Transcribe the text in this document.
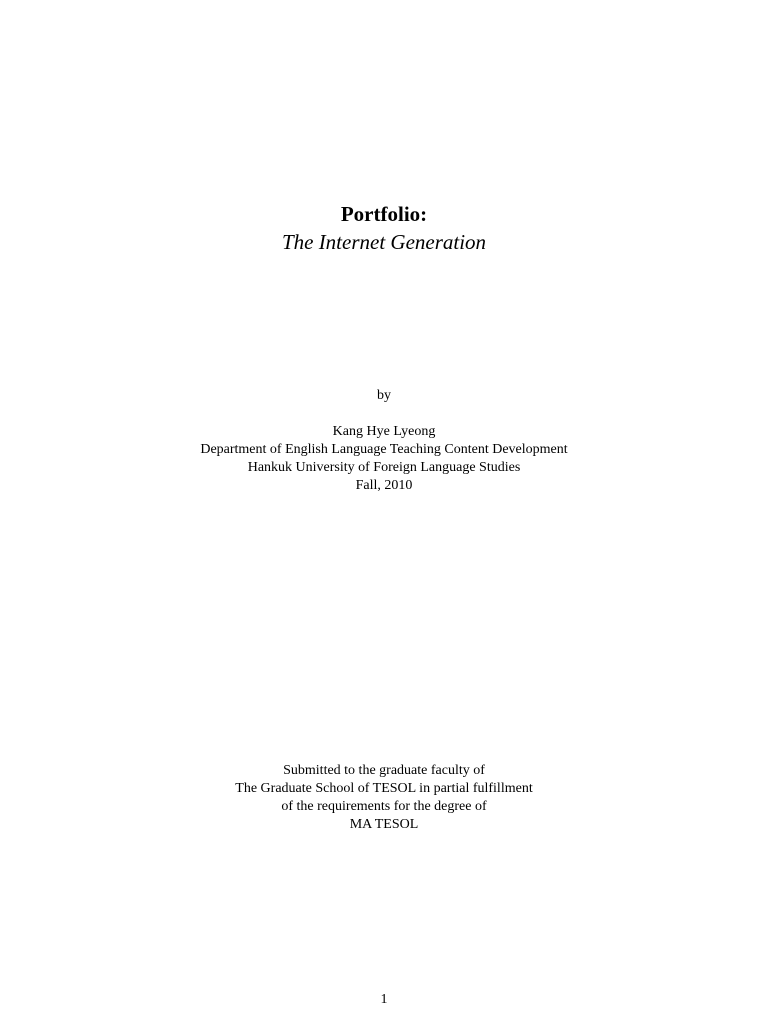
Portfolio:
The Internet Generation
by
Kang Hye Lyeong
Department of English Language Teaching Content Development
Hankuk University of Foreign Language Studies
Fall, 2010
Submitted to the graduate faculty of
The Graduate School of TESOL in partial fulfillment
of the requirements for the degree of
MA TESOL
1
